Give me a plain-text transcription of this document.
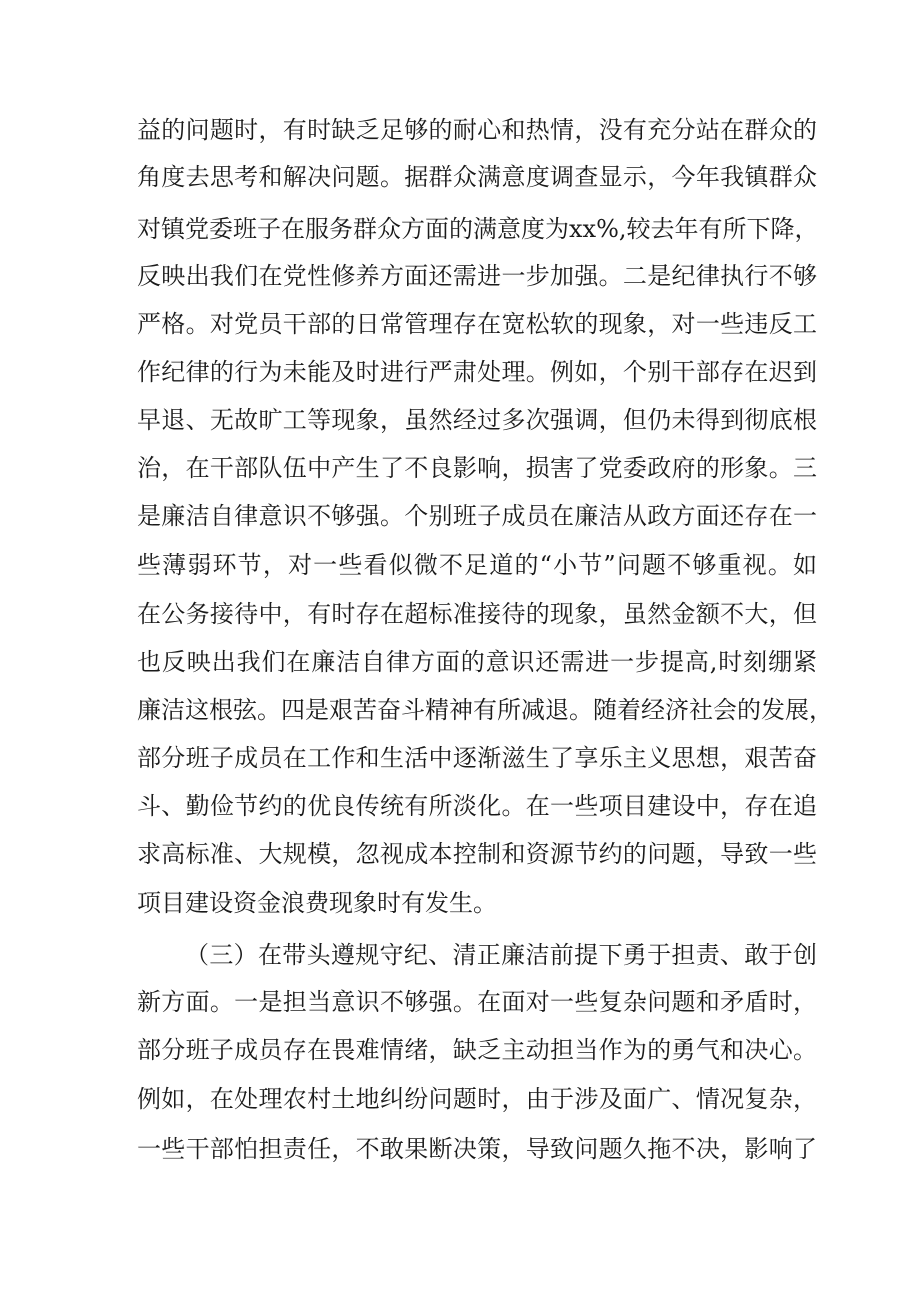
益的问题时，有时缺乏足够的耐心和热情，没有充分站在群众的
角度去思考和解决问题。据群众满意度调查显示，今年我镇群众
对镇党委班子在服务群众方面的满意度为xx%,较去年有所下降，
反映出我们在党性修养方面还需进一步加强。二是纪律执行不够
严格。对党员干部的日常管理存在宽松软的现象，对一些违反工
作纪律的行为未能及时进行严肃处理。例如，个别干部存在迟到
早退、无故旷工等现象，虽然经过多次强调，但仍未得到彻底根
治，在干部队伍中产生了不良影响，损害了党委政府的形象。三
是廉洁自律意识不够强。个别班子成员在廉洁从政方面还存在一
些薄弱环节，对一些看似微不足道的“小节”问题不够重视。如
在公务接待中，有时存在超标准接待的现象，虽然金额不大，但
也反映出我们在廉洁自律方面的意识还需进一步提高,时刻绷紧
廉洁这根弦。四是艰苦奋斗精神有所减退。随着经济社会的发展，
部分班子成员在工作和生活中逐渐滋生了享乐主义思想，艰苦奋
斗、勤俭节约的优良传统有所淡化。在一些项目建设中，存在追
求高标准、大规模，忽视成本控制和资源节约的问题，导致一些
项目建设资金浪费现象时有发生。
（三）在带头遵规守纪、清正廉洁前提下勇于担责、敢于创
新方面。一是担当意识不够强。在面对一些复杂问题和矛盾时，
部分班子成员存在畏难情绪，缺乏主动担当作为的勇气和决心。
例如，在处理农村土地纠纷问题时，由于涉及面广、情况复杂，
一些干部怕担责任，不敢果断决策，导致问题久拖不决，影响了
